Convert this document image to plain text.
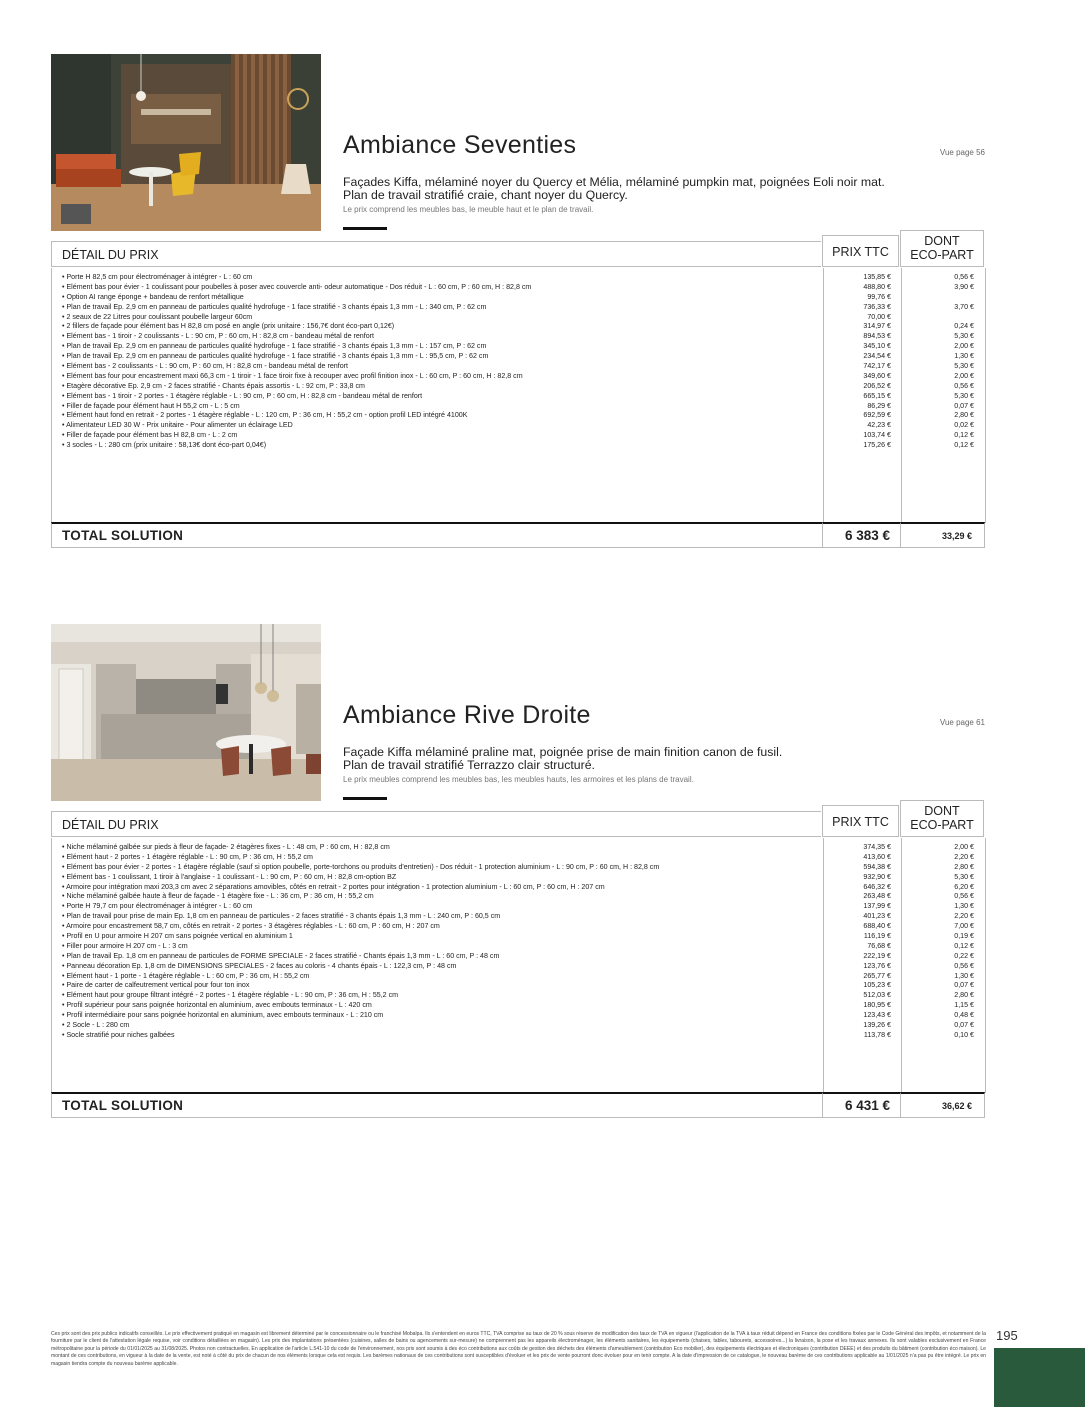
Ambiance Seventies	Vue page 56
Façades Kiffa, mélaminé noyer du Quercy et Mélia, mélaminé pumpkin mat, poignées Eoli noir mat.
Plan de travail stratifié craie, chant noyer du Quercy.
Le prix comprend les meubles bas, le meuble haut et le plan de travail.
DÉTAIL DU PRIX	PRIX TTC
DONT
ECO-PART
• Porte H 82,5 cm pour électroménager à intégrer - L : 60 cm	135,85 €	0,56 €
• Elément bas pour évier - 1 coulissant pour poubelles à poser avec couvercle anti- odeur automatique - Dos réduit - L : 60 cm, P : 60 cm, H : 82,8 cm	488,80 €	3,90 €
• Option AI range éponge + bandeau de renfort métallique	99,76 €
• Plan de travail Ep. 2,9 cm en panneau de particules qualité hydrofuge - 1 face stratifié - 3 chants épais 1,3 mm - L : 340 cm, P : 62 cm	736,33 €	3,70 €
• 2 seaux de 22 Litres pour coulissant poubelle largeur 60cm	70,00 €
• 2 fillers de façade pour élément bas H 82,8 cm posé en angle (prix unitaire : 156,7€ dont éco-part 0,12€)	314,97 €	0,24 €
• Elément bas - 1 tiroir - 2 coulissants - L : 90 cm, P : 60 cm, H : 82,8 cm - bandeau métal de renfort	894,53 €	5,30 €
• Plan de travail Ep. 2,9 cm en panneau de particules qualité hydrofuge - 1 face stratifié - 3 chants épais 1,3 mm - L : 157 cm, P : 62 cm	345,10 €	2,00 €
• Plan de travail Ep. 2,9 cm en panneau de particules qualité hydrofuge - 1 face stratifié - 3 chants épais 1,3 mm - L : 95,5 cm, P : 62 cm	234,54 €	1,30 €
• Elément bas - 2 coulissants - L : 90 cm, P : 60 cm, H : 82,8 cm - bandeau métal de renfort	742,17 €	5,30 €
• Elément bas four pour encastrement maxi 66,3 cm - 1 tiroir - 1 face tiroir fixe à recouper avec profil finition inox - L : 60 cm, P : 60 cm, H : 82,8 cm	349,60 €	2,00 €
• Etagère décorative Ep. 2,9 cm - 2 faces stratifié - Chants épais assortis - L : 92 cm, P : 33,8 cm	206,52 €	0,56 €
• Elément bas - 1 tiroir - 2 portes - 1 étagère réglable - L : 90 cm, P : 60 cm, H : 82,8 cm - bandeau métal de renfort	665,15 €	5,30 €
• Filler de façade pour élément haut H 55,2 cm - L : 5 cm	86,29 €	0,07 €
• Elément haut fond en retrait - 2 portes - 1 étagère réglable - L : 120 cm, P : 36 cm, H : 55,2 cm - option profil LED intégré 4100K	692,59 €	2,80 €
• Alimentateur LED 30 W - Prix unitaire - Pour alimenter un éclairage LED	42,23 €	0,02 €
• Filler de façade pour élément bas H 82,8 cm - L : 2 cm	103,74 €	0,12 €
• 3 socles - L : 280 cm (prix unitaire : 58,13€ dont éco-part 0,04€)	175,26 €	0,12 €
TOTAL SOLUTION	6 383 €	33,29 €
Ambiance Rive Droite	Vue page 61
Façade Kiffa mélaminé praline mat, poignée prise de main finition canon de fusil.
Plan de travail stratifié Terrazzo clair structuré.
Le prix meubles comprend les meubles bas, les meubles hauts, les armoires et les plans de travail.
DÉTAIL DU PRIX	PRIX TTC
DONT
ECO-PART
• Niche mélaminé galbée sur pieds à fleur de façade- 2 étagères fixes - L : 48 cm, P : 60 cm, H : 82,8 cm	374,35 €	2,00 €
• Elément haut - 2 portes - 1 étagère réglable - L : 90 cm, P : 36 cm, H : 55,2 cm	413,60 €	2,20 €
• Elément bas pour évier - 2 portes - 1 étagère réglable (sauf si option poubelle, porte-torchons ou produits d'entretien) - Dos réduit - 1 protection aluminium - L : 90 cm, P : 60 cm, H : 82,8 cm	594,38 €	2,80 €
• Elément bas - 1 coulissant, 1 tiroir à l'anglaise - 1 coulissant - L : 90 cm, P : 60 cm, H : 82,8 cm-option BZ	932,90 €	5,30 €
• Armoire pour intégration maxi 203,3 cm avec 2 séparations amovibles, côtés en retrait - 2 portes pour intégration - 1 protection aluminium - L : 60 cm, P : 60 cm, H : 207 cm	646,32 €	6,20 €
• Niche mélaminé galbée haute à fleur de façade - 1 étagère fixe - L : 36 cm, P : 36 cm, H : 55,2 cm	263,48 €	0,56 €
• Porte H 79,7 cm pour électroménager à intégrer - L : 60 cm	137,99 €	1,30 €
• Plan de travail pour prise de main Ep. 1,8 cm en panneau de particules - 2 faces stratifié - 3 chants épais 1,3 mm - L : 240 cm, P : 60,5 cm	401,23 €	2,20 €
• Armoire pour encastrement 58,7 cm, côtés en retrait - 2 portes - 3 étagères réglables - L : 60 cm, P : 60 cm, H : 207 cm	688,40 €	7,00 €
• Profil en U pour armoire H 207 cm sans poignée vertical en aluminium 1	116,19 €	0,19 €
• Filler pour armoire H 207 cm - L : 3 cm	76,68 €	0,12 €
• Plan de travail Ep. 1,8 cm en panneau de particules de FORME SPECIALE - 2 faces stratifié - Chants épais 1,3 mm - L : 60 cm, P : 48 cm	222,19 €	0,22 €
• Panneau décoration Ep. 1,8 cm de DIMENSIONS SPECIALES - 2 faces au coloris - 4 chants épais - L : 122,3 cm, P : 48 cm	123,76 €	0,56 €
• Elément haut - 1 porte - 1 étagère réglable - L : 60 cm, P : 36 cm, H : 55,2 cm	265,77 €	1,30 €
• Paire de carter de calfeutrement vertical pour four ton inox	105,23 €	0,07 €
• Elément haut pour groupe filtrant intégré - 2 portes - 1 étagère réglable - L : 90 cm, P : 36 cm, H : 55,2 cm	512,03 €	2,80 €
• Profil supérieur pour sans poignée horizontal en aluminium, avec embouts terminaux - L : 420 cm	180,95 €	1,15 €
• Profil intermédiaire pour sans poignée horizontal en aluminium, avec embouts terminaux - L : 210 cm	123,43 €	0,48 €
• 2 Socle - L : 280 cm	139,26 €	0,07 €
• Socle stratifié pour niches galbées	113,78 €	0,10 €
TOTAL SOLUTION	6 431 €	36,62 €
Ces prix sont des prix publics indicatifs conseillés. Le prix effectivement pratiqué en magasin est librement déterminé par le concessionnaire ou le franchisé Mobalpa. Ils s'entendent en euros TTC, TVA comprise au taux de 20 % sous réserve de modification des taux de TVA en vigueur (l'application de la TVA à taux réduit dépend en France des conditions fixées par le Code Général des impôts, et notamment de la fourniture par le client de l'attestation légale requise, voir conditions détaillées en magasin). Les prix des implantations présentées (cuisines, salles de bains ou agencements sur-mesure) ne comprennent pas les appareils électroménager, les éléments sanitaires, les équipements (chaises, tables, tabourets, accessoires...) la livraison, la pose et les travaux annexes. Ils sont valables exclusivement en France métropolitaine pour la période du 01/01/2025 au 31/08/2025. Photos non contractuelles. En application de l'article L.541-10 du code de l'environnement, nos prix sont soumis à des éco contributions aux coûts de gestion des déchets des éléments d'ameublement (contribution Eco mobilier), des équipements électriques et électroniques (contribution DEEE) et des produits du bâtiment (contribution éco maison). Le montant de ces contributions, en vigueur à la date de la vente, est noté à côté du prix de chacun de nos éléments lorsque cela est requis. Les barèmes nationaux de ces contributions sont susceptibles d'évoluer et les prix de vente pourront donc évoluer pour en tenir compte. A la date d'impression de ce catalogue, le nouveau barème de ces contributions applicable au 1/01/2025 n'a pas pu être intégré. Le prix en magasin tiendra compte du nouveau barème applicable.
195
